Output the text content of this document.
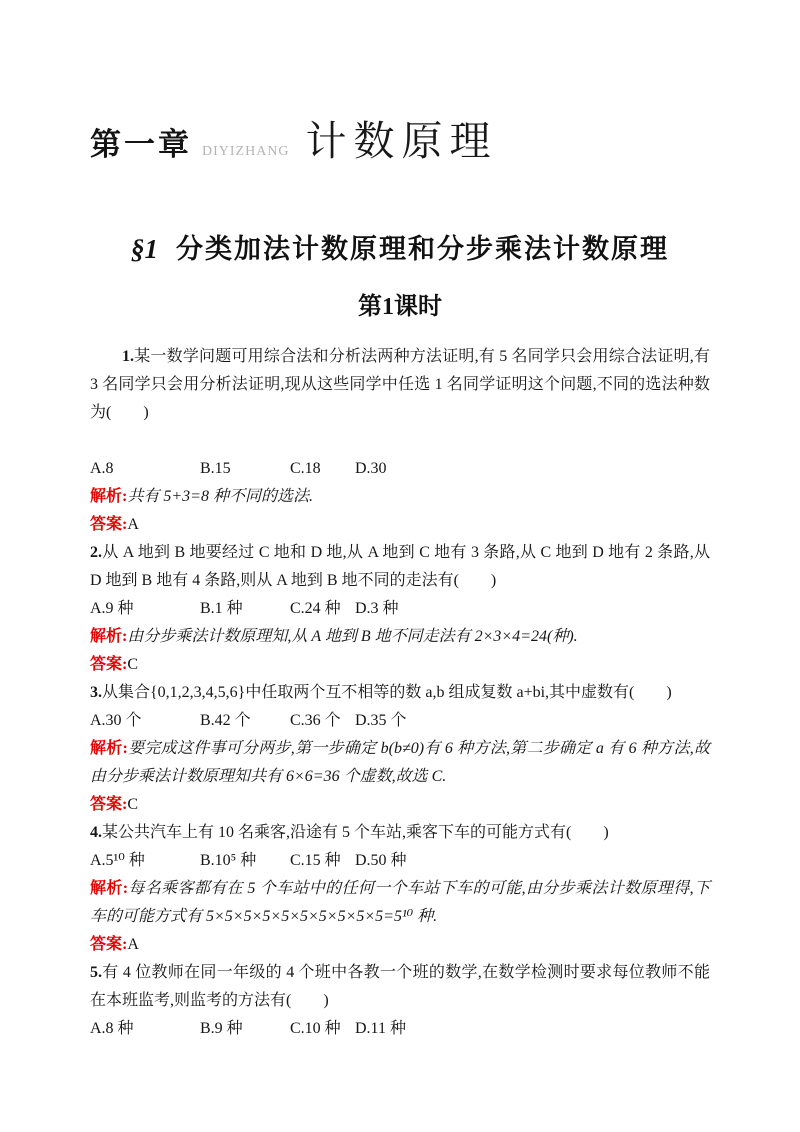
第一章 DIYIZHANG 计数原理
§1 分类加法计数原理和分步乘法计数原理
第1课时

1.某一数学问题可用综合法和分析法两种方法证明,有 5 名同学只会用综合法证明,有 3 名同学只会用分析法证明,现从这些同学中任选 1 名同学证明这个问题,不同的选法种数为(　　)

A.8	B.15	C.18	D.30

解析:共有 5+3=8 种不同的选法.

答案:A

2.从 A 地到 B 地要经过 C 地和 D 地,从 A 地到 C 地有 3 条路,从 C 地到 D 地有 2 条路,从 D 地到 B 地有 4 条路,则从 A 地到 B 地不同的走法有(　　)

A.9 种	B.1 种	C.24 种 D.3 种

解析:由分步乘法计数原理知,从 A 地到 B 地不同走法有 2×3×4=24(种).

答案:C

3.从集合{0,1,2,3,4,5,6}中任取两个互不相等的数 a,b 组成复数 a+bi,其中虚数有(　　)

A.30 个	B.42 个	C.36 个 D.35 个

解析:要完成这件事可分两步,第一步确定 b(b≠0)有 6 种方法,第二步确定 a 有 6 种方法,故由分步乘法计数原理知共有 6×6=36 个虚数,故选 C.

答案:C

4.某公共汽车上有 10 名乘客,沿途有 5 个车站,乘客下车的可能方式有(　　)

A.5¹⁰ 种	B.10⁵ 种	C.15 种 D.50 种

解析:每名乘客都有在 5 个车站中的任何一个车站下车的可能,由分步乘法计数原理得,下车的可能方式有 5×5×5×5×5×5×5×5×5×5=5¹⁰ 种.

答案:A

5.有 4 位教师在同一年级的 4 个班中各教一个班的数学,在数学检测时要求每位教师不能在本班监考,则监考的方法有(　　)

A.8 种	B.9 种	C.10 种 D.11 种
